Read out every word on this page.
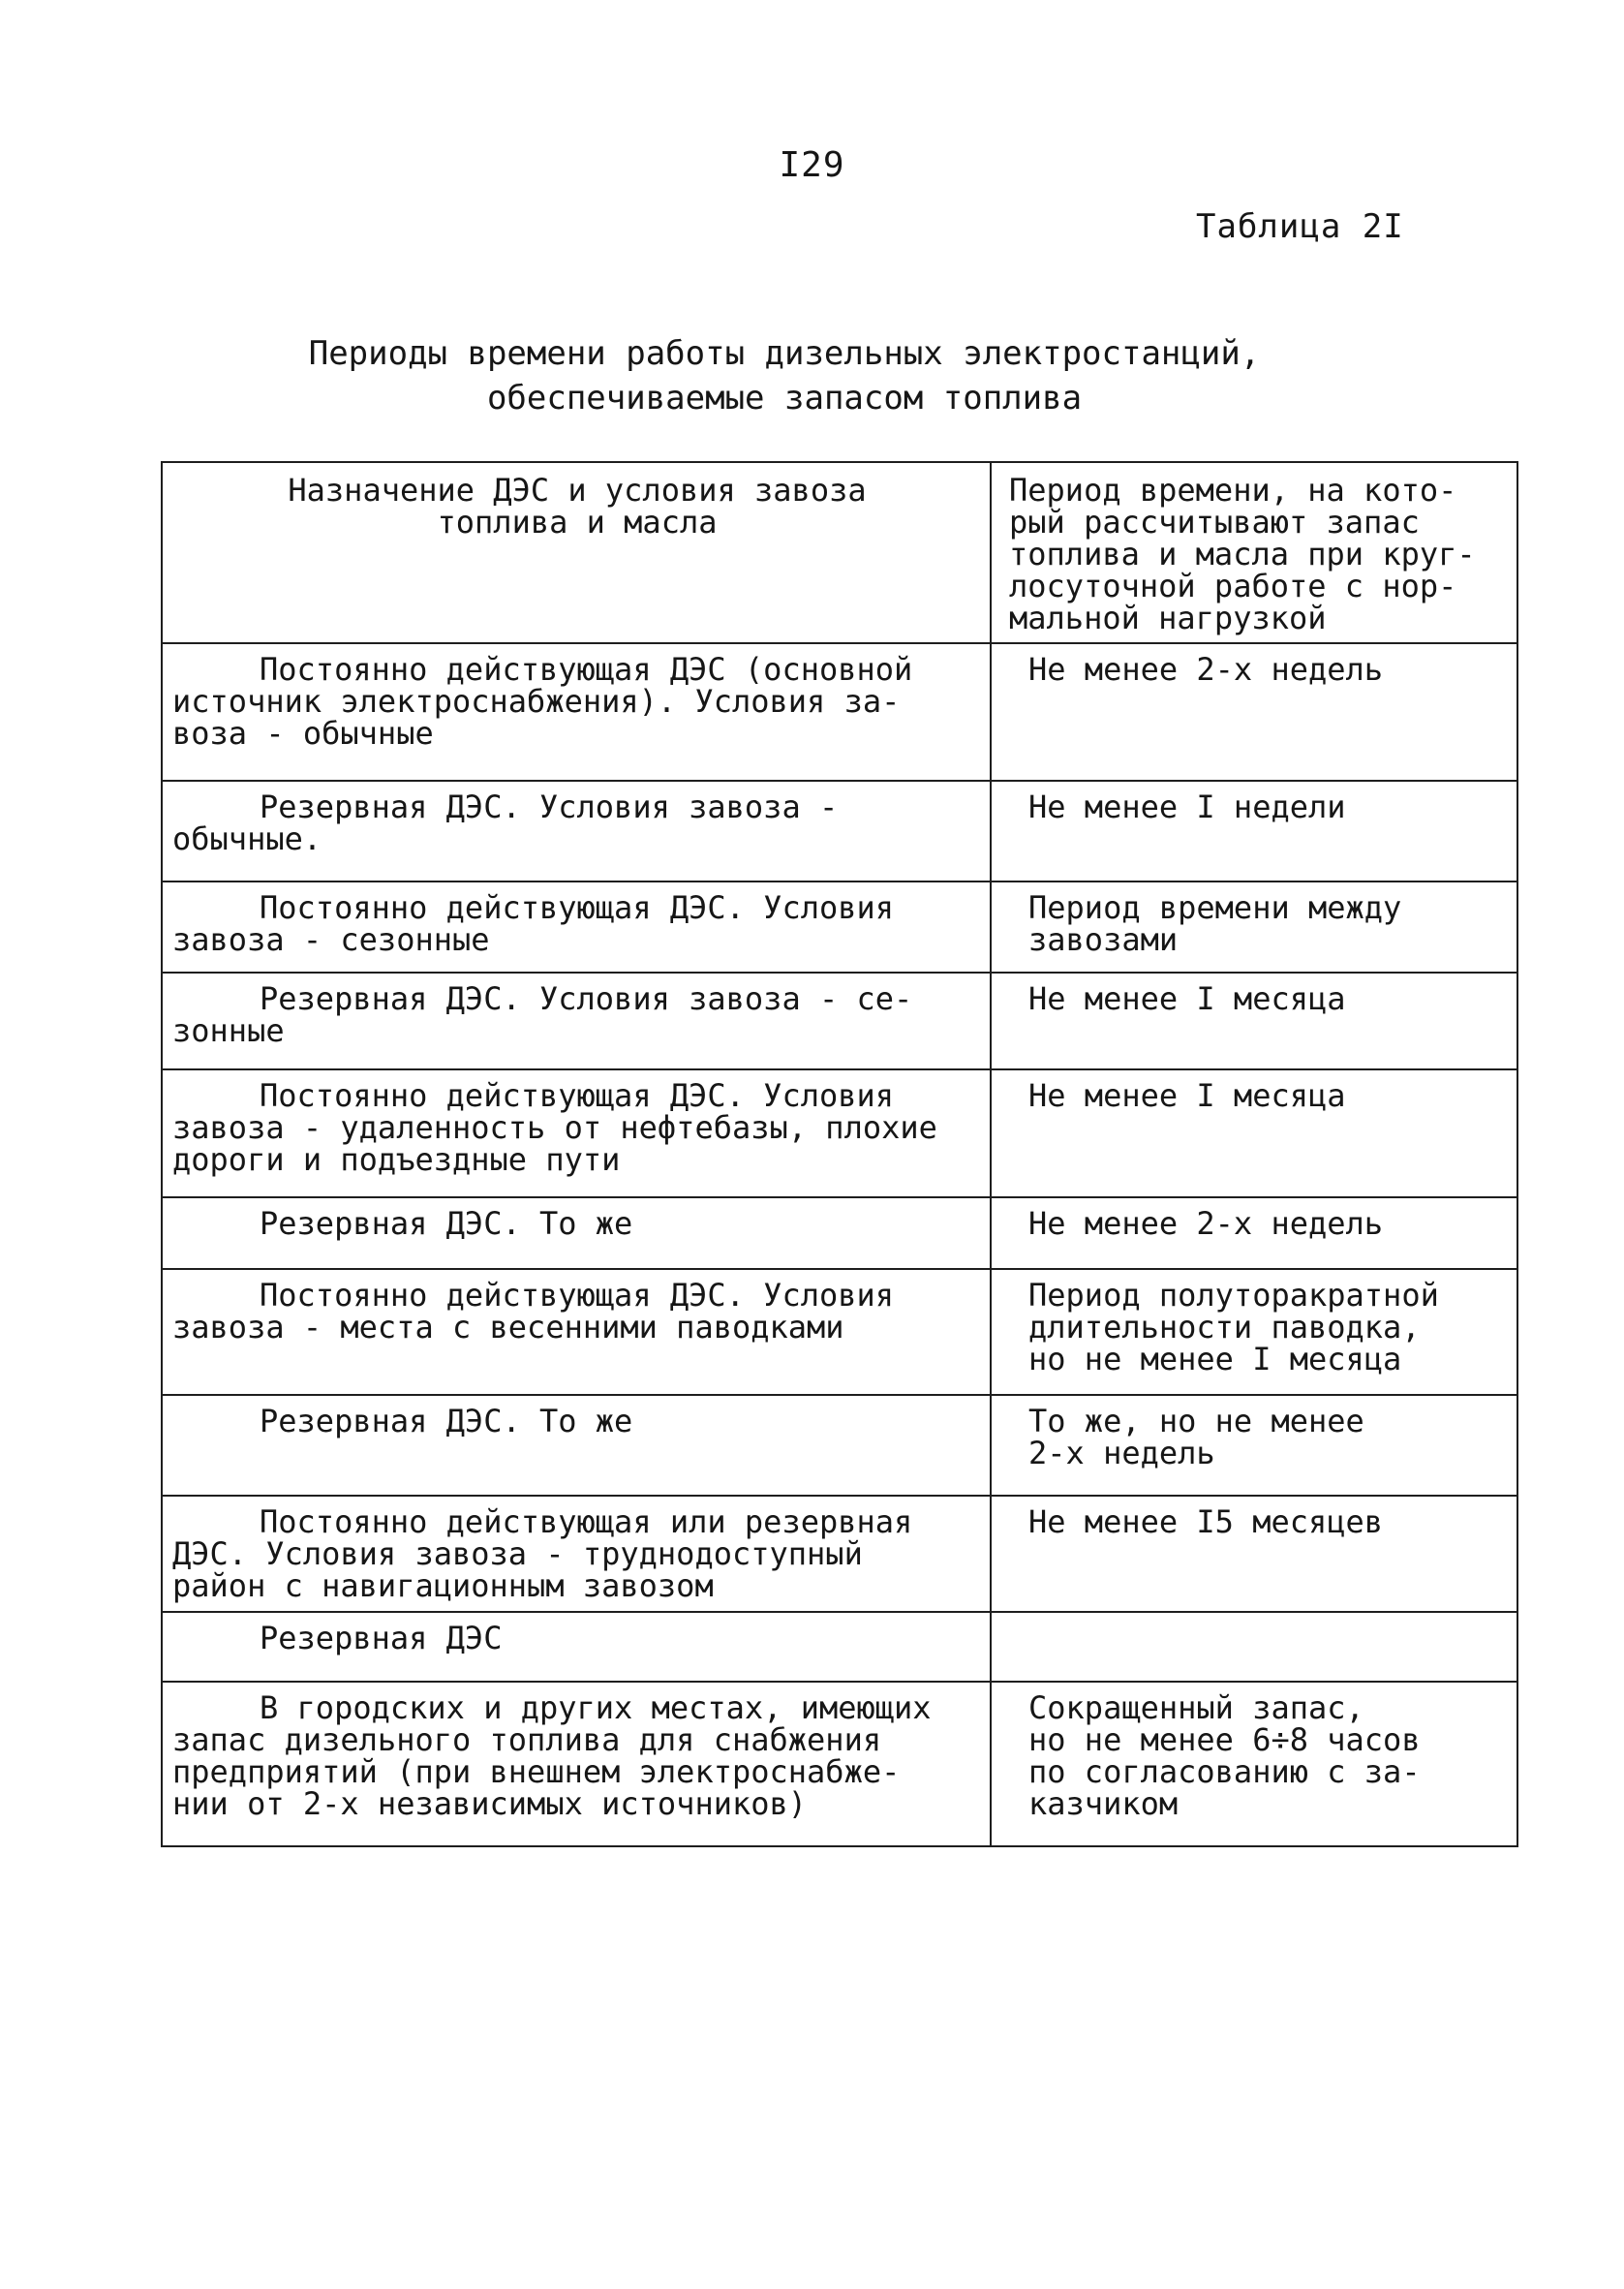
I29
Таблица 2I
Периоды времени работы дизельных электростанций,
обеспечиваемые запасом топлива
Назначение ДЭС и условия завоза
топлива и масла	Период времени, на кото-
рый рассчитывают запас
топлива и масла при круг-
лосуточной работе с нор-
мальной нагрузкой

Постоянно действующая ДЭС (основной
источник электроснабжения). Условия за-
воза - обычные	Не менее 2-х недель

Резервная ДЭС. Условия завоза -
обычные.	Не менее I недели

Постоянно действующая ДЭС. Условия
завоза - сезонные	Период времени между
завозами

Резервная ДЭС. Условия завоза - се-
зонные	Не менее I месяца

Постоянно действующая ДЭС. Условия
завоза - удаленность от нефтебазы, плохие
дороги и подъездные пути	Не менее I месяца

Резервная ДЭС. То же	Не менее 2-х недель

Постоянно действующая ДЭС. Условия
завоза - места с весенними паводками	Период полуторакратной
длительности паводка,
но не менее I месяца

Резервная ДЭС. То же	То же, но не менее
2-х недель

Постоянно действующая или резервная
ДЭС. Условия завоза - труднодоступный
район с навигационным завозом	Не менее I5 месяцев

Резервная ДЭС	

В городских и других местах, имеющих
запас дизельного топлива для снабжения
предприятий (при внешнем электроснабже-
нии от 2-х независимых источников)	Сокращенный запас,
но не менее 6÷8 часов
по согласованию с за-
казчиком
